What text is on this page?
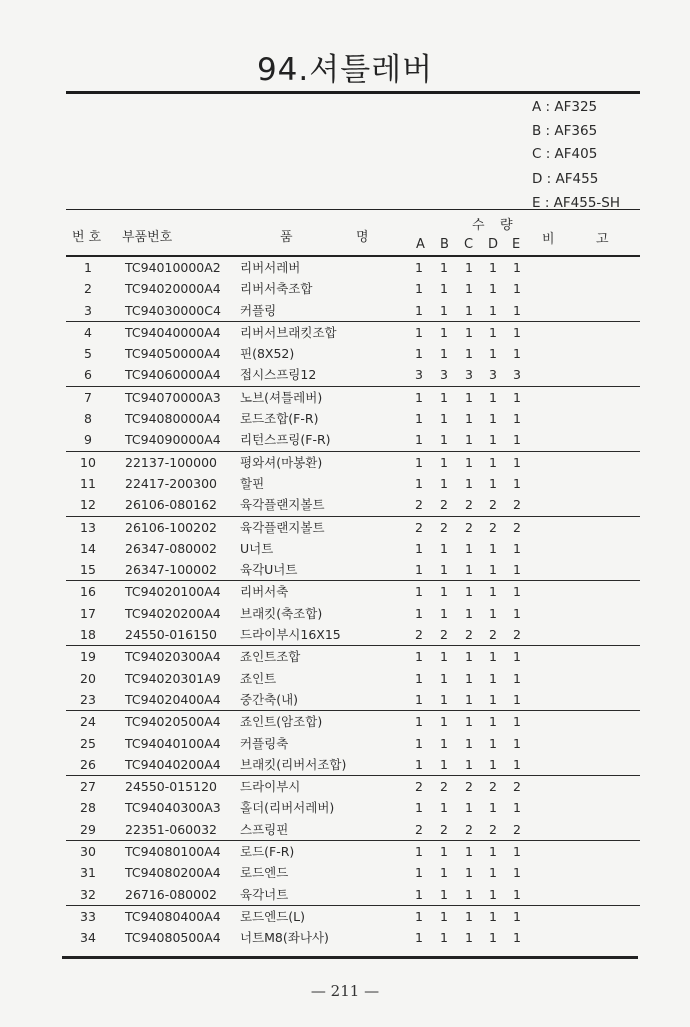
94.셔틀레버
A : AF325
B : AF365
C : AF405
D : AF455
E : AF455-SH
번호 부품번호	품	명
수 량
A B C D E 비	고
1	TC94010000A2 리버서레버	1 1 1 1 1
2	TC94020000A4 리버서축조합	1 1 1 1 1
3	TC94030000C4 커플링	1 1 1 1 1
4	TC94040000A4 리버서브래킷조합	1 1 1 1 1
5	TC94050000A4 핀(8X52)	1 1 1 1 1
6	TC94060000A4 접시스프링12	3 3 3 3 3
7	TC94070000A3 노브(셔틀레버)	1 1 1 1 1
8	TC94080000A4 로드조합(F-R)	1 1 1 1 1
9	TC94090000A4 리턴스프링(F-R)	1 1 1 1 1
10	22137-100000 평와셔(마봉환)	1 1 1 1 1
11	22417-200300 할핀	1 1 1 1 1
12	26106-080162 육각플랜지볼트	2 2 2 2 2
13	26106-100202 육각플랜지볼트	2 2 2 2 2
14	26347-080002 U너트	1 1 1 1 1
15	26347-100002 육각U너트	1 1 1 1 1
16	TC94020100A4 리버서축	1 1 1 1 1
17	TC94020200A4 브래킷(축조합)	1 1 1 1 1
18	24550-016150 드라이부시16X15	2 2 2 2 2
19	TC94020300A4 죠인트조합	1 1 1 1 1
20	TC94020301A9 죠인트	1 1 1 1 1
23	TC94020400A4 중간축(내)	1 1 1 1 1
24	TC94020500A4 죠인트(암조합)	1 1 1 1 1
25	TC94040100A4 커플링축	1 1 1 1 1
26	TC94040200A4 브래킷(리버서조합)	1 1 1 1 1
27	24550-015120 드라이부시	2 2 2 2 2
28	TC94040300A3 홀더(리버서레버)	1 1 1 1 1
29	22351-060032 스프링핀	2 2 2 2 2
30	TC94080100A4 로드(F-R)	1 1 1 1 1
31	TC94080200A4 로드엔드	1 1 1 1 1
32	26716-080002 육각너트	1 1 1 1 1
33	TC94080400A4 로드엔드(L)	1 1 1 1 1
34	TC94080500A4 너트M8(좌나사)	1 1 1 1 1
— 211 —
